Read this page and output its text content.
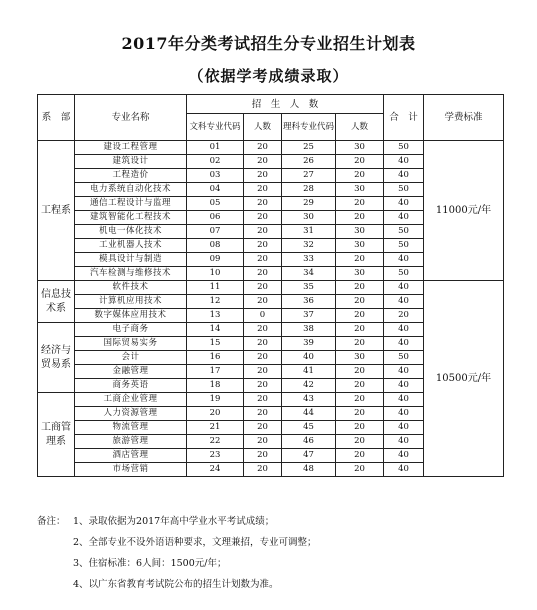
2017年分类考试招生分专业招生计划表
（依据学考成绩录取）
系　部	专业名称	招　生　人　数				合　计	学费标准
		文科专业代码	人数	理科专业代码	人数		
工程系	建设工程管理	01	20	25	30	50	11000元/年
	建筑设计	02	20	26	20	40	
	工程造价	03	20	27	20	40	
	电力系统自动化技术	04	20	28	30	50	
	通信工程设计与监理	05	20	29	20	40	
	建筑智能化工程技术	06	20	30	20	40	
	机电一体化技术	07	20	31	30	50	
	工业机器人技术	08	20	32	30	50	
	模具设计与制造	09	20	33	20	40	
	汽车检测与维修技术	10	20	34	30	50	
信息技术系	软件技术	11	20	35	20	40	10500元/年
	计算机应用技术	12	20	36	20	40	
	数字媒体应用技术	13	0	37	20	20	
经济与贸易系	电子商务	14	20	38	20	40	
	国际贸易实务	15	20	39	20	40	
	会计	16	20	40	30	50	
	金融管理	17	20	41	20	40	
	商务英语	18	20	42	20	40	
工商管理系	工商企业管理	19	20	43	20	40	
	人力资源管理	20	20	44	20	40	
	物流管理	21	20	45	20	40	
	旅游管理	22	20	46	20	40	
	酒店管理	23	20	47	20	40	
	市场营销	24	20	48	20	40	
备注： 1、录取依据为2017年高中学业水平考试成绩；
2、全部专业不设外语语种要求，文理兼招，专业可调整；
3、住宿标准：6人间：1500元/年；
4、以广东省教育考试院公布的招生计划数为准。
